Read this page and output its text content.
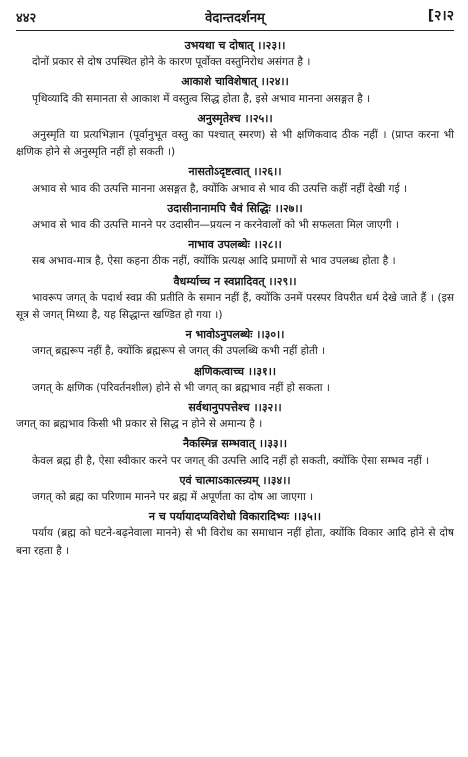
४४२	वेदान्तदर्शनम्	[२।२
उभयथा च दोषात् ।।२३।।
दोनों प्रकार से दोष उपस्थित होने के कारण पूर्वोक्त वस्तुनिरोध असंगत है ।
आकाशे चाविशेषात् ।।२४।।
पृथिव्यादि की समानता से आकाश में वस्तुत्व सिद्ध होता है, इसे अभाव मानना असङ्गत है ।
अनुस्मृतेश्च ।।२५।।
अनुस्मृति या प्रत्यभिज्ञान (पूर्वानुभूत वस्तु का पश्चात् स्मरण) से भी क्षणिकवाद ठीक नहीं । (प्राप्त करना भी क्षणिक होने से अनुस्मृति नहीं हो सकती ।)
नासतोऽदृष्टत्वात् ।।२६।।
अभाव से भाव की उत्पत्ति मानना असङ्गत है, क्योंकि अभाव से भाव की उत्पत्ति कहीं नहीं देखी गई ।
उदासीनानामपि चैवं सिद्धिः ।।२७।।
अभाव से भाव की उत्पत्ति मानने पर उदासीन—प्रयत्न न करनेवालों को भी सफलता मिल जाएगी ।
नाभाव उपलब्धेः ।।२८।।
सब अभाव-मात्र है, ऐसा कहना ठीक नहीं, क्योंकि प्रत्यक्ष आदि प्रमाणों से भाव उपलब्ध होता है ।
वैधर्म्याच्च न स्वप्नादिवत् ।।२९।।
भावरूप जगत् के पदार्थ स्वप्न की प्रतीति के समान नहीं हैं, क्योंकि उनमें परस्पर विपरीत धर्म देखे जाते हैं । (इस सूत्र से जगत् मिथ्या है, यह सिद्धान्त खण्डित हो गया ।)
न भावोऽनुपलब्धेः ।।३०।।
जगत् ब्रह्मरूप नहीं है, क्योंकि ब्रह्मरूप से जगत् की उपलब्धि कभी नहीं होती ।
क्षणिकत्वाच्च ।।३१।।
जगत् के क्षणिक (परिवर्तनशील) होने से भी जगत् का ब्रह्मभाव नहीं हो सकता ।
सर्वथानुपपत्तेश्च ।।३२।।
जगत् का ब्रह्मभाव किसी भी प्रकार से सिद्ध न होने से अमान्य है ।
नैकस्मिन्न सम्भवात् ।।३३।।
केवल ब्रह्म ही है, ऐसा स्वीकार करने पर जगत् की उत्पत्ति आदि नहीं हो सकती, क्योंकि ऐसा सम्भव नहीं ।
एवं चात्माऽकात्स्न्र्यम् ।।३४।।
जगत् को ब्रह्म का परिणाम मानने पर ब्रह्म में अपूर्णता का दोष आ जाएगा ।
न च पर्यायादप्यविरोधो विकारादिभ्यः ।।३५।।
पर्याय (ब्रह्म को घटने-बढ़नेवाला मानने) से भी विरोध का समाधान नहीं होता, क्योंकि विकार आदि होने से दोष बना रहता है ।
